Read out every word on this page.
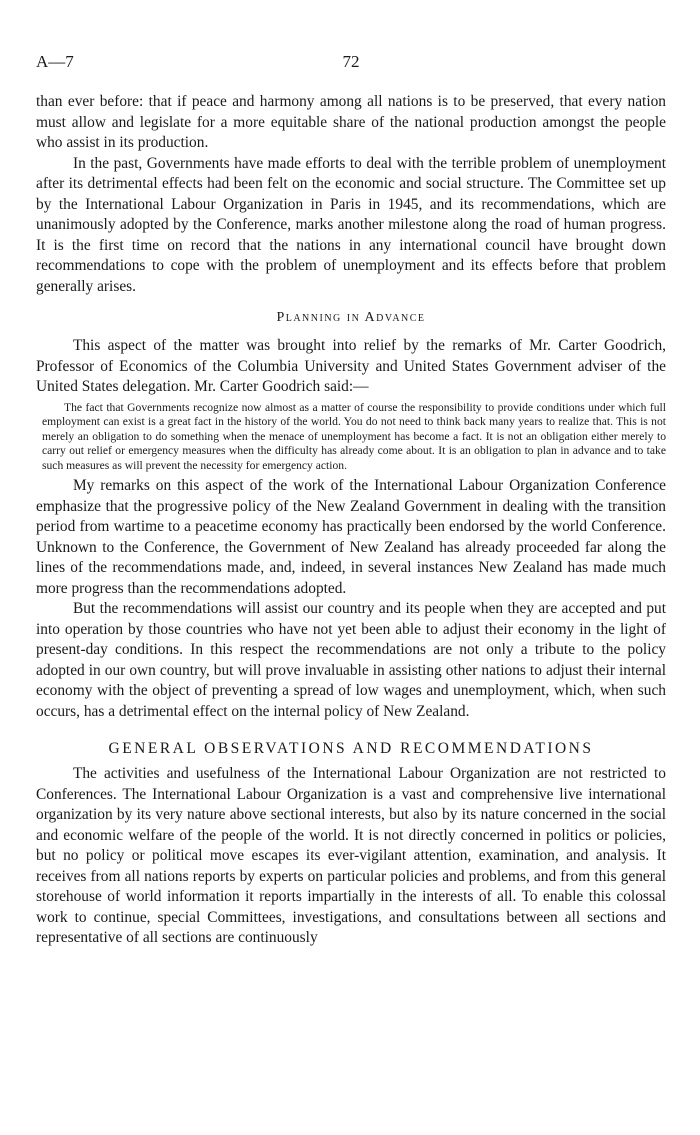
A—7	72

than ever before: that if peace and harmony among all nations is to be preserved, that every nation must allow and legislate for a more equitable share of the national production amongst the people who assist in its production.

In the past, Governments have made efforts to deal with the terrible problem of unemployment after its detrimental effects had been felt on the economic and social structure. The Committee set up by the International Labour Organization in Paris in 1945, and its recommendations, which are unanimously adopted by the Conference, marks another milestone along the road of human progress. It is the first time on record that the nations in any international council have brought down recommendations to cope with the problem of unemployment and its effects before that problem generally arises.

Planning in Advance

This aspect of the matter was brought into relief by the remarks of Mr. Carter Goodrich, Professor of Economics of the Columbia University and United States Government adviser of the United States delegation. Mr. Carter Goodrich said:—

The fact that Governments recognize now almost as a matter of course the responsibility to provide conditions under which full employment can exist is a great fact in the history of the world. You do not need to think back many years to realize that. This is not merely an obligation to do something when the menace of unemployment has become a fact. It is not an obligation either merely to carry out relief or emergency measures when the difficulty has already come about. It is an obligation to plan in advance and to take such measures as will prevent the necessity for emergency action.

My remarks on this aspect of the work of the International Labour Organization Conference emphasize that the progressive policy of the New Zealand Government in dealing with the transition period from wartime to a peacetime economy has practically been endorsed by the world Conference. Unknown to the Conference, the Government of New Zealand has already proceeded far along the lines of the recommendations made, and, indeed, in several instances New Zealand has made much more progress than the recommendations adopted.

But the recommendations will assist our country and its people when they are accepted and put into operation by those countries who have not yet been able to adjust their economy in the light of present-day conditions. In this respect the recommendations are not only a tribute to the policy adopted in our own country, but will prove invaluable in assisting other nations to adjust their internal economy with the object of preventing a spread of low wages and unemployment, which, when such occurs, has a detrimental effect on the internal policy of New Zealand.

GENERAL OBSERVATIONS AND RECOMMENDATIONS

The activities and usefulness of the International Labour Organization are not restricted to Conferences. The International Labour Organization is a vast and comprehensive live international organization by its very nature above sectional interests, but also by its nature concerned in the social and economic welfare of the people of the world. It is not directly concerned in politics or policies, but no policy or political move escapes its ever-vigilant attention, examination, and analysis. It receives from all nations reports by experts on particular policies and problems, and from this general storehouse of world information it reports impartially in the interests of all. To enable this colossal work to continue, special Committees, investigations, and consultations between all sections and representative of all sections are continuously
